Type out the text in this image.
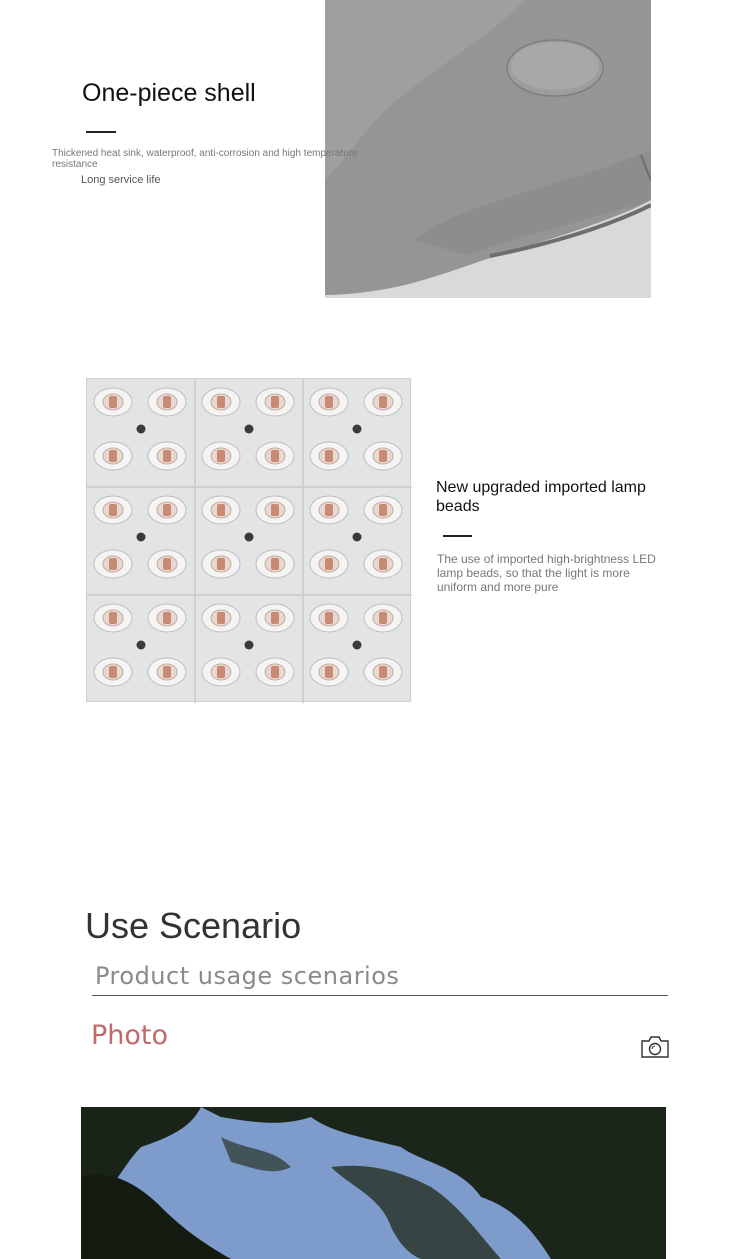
One-piece shell
Thickened heat sink, waterproof, anti-corrosion and high temperature resistance
Long service life
New upgraded imported lamp beads
The use of imported high-brightness LED lamp beads, so that the light is more uniform and more pure
Use Scenario
Product usage scenarios
Photo
